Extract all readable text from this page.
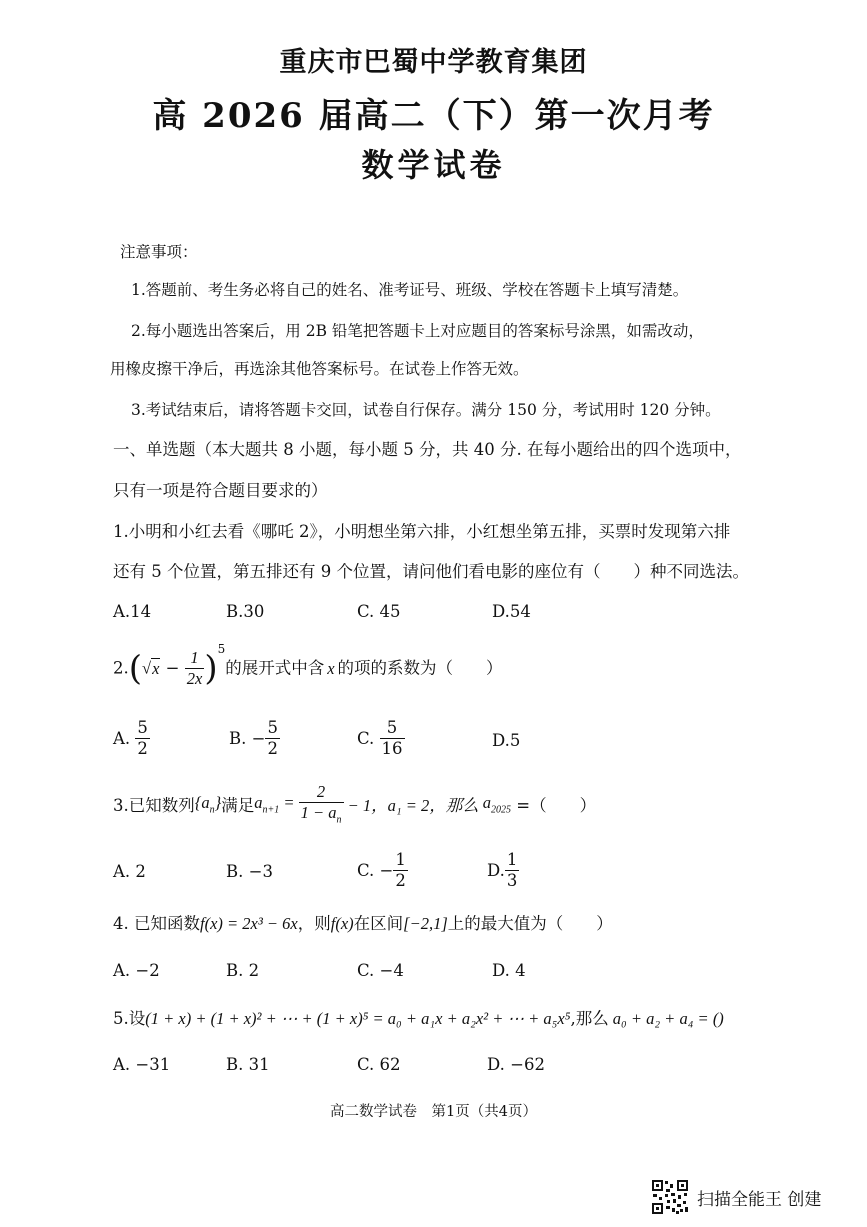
重庆市巴蜀中学教育集团
高 2026 届高二（下）第一次月考
数学试卷
注意事项：
1.答题前、考生务必将自己的姓名、准考证号、班级、学校在答题卡上填写清楚。
2.每小题选出答案后，用 2B 铅笔把答题卡上对应题目的答案标号涂黑，如需改动，
用橡皮擦干净后，再选涂其他答案标号。在试卷上作答无效。
3.考试结束后，请将答题卡交回，试卷自行保存。满分 150 分，考试用时 120 分钟。
一、单选题（本大题共 8 小题，每小题 5 分，共 40 分. 在每小题给出的四个选项中，
只有一项是符合题目要求的）
1.小明和小红去看《哪吒 2》，小明想坐第六排，小红想坐第五排，买票时发现第六排
还有 5 个位置，第五排还有 9 个位置，请问他们看电影的座位有（　　）种不同选法。
A.14	B.30	C. 45	D.54
$2.(√x - \frac{1}{2x} )^5$的展开式中含 x 的项的系数为（　　）
A. $\frac{5}{2}$	B. − $\frac{5}{2}$	C. $\frac{5}{16}$	D.5
3.已知数列$\{a_n\}$满足$a_{n+1} = \frac{2}{1 - a_n} - 1$，a₁ = 2，那么 $a_{2025}$ =（　　）
A. 2	B. −3	C. − $\frac{1}{2}$	D. $\frac{1}{3}$
4. 已知函数f(x) = 2x³ − 6x，则f(x)在区间[−2,1]上的最大值为（　　）
A. −2	B. 2	C. −4	D. 4
5.设(1 + x) + (1 + x)² + ⋯ + (1 + x)⁵ = a₀ + a₁x + a₂x² + ⋯ + a₅x⁵,那么 a₀ + a₂ + a₄ = ()
A. −31	B. 31	C. 62	D. −62
高二数学试卷　第1页（共4页）
扫描全能王 创建
